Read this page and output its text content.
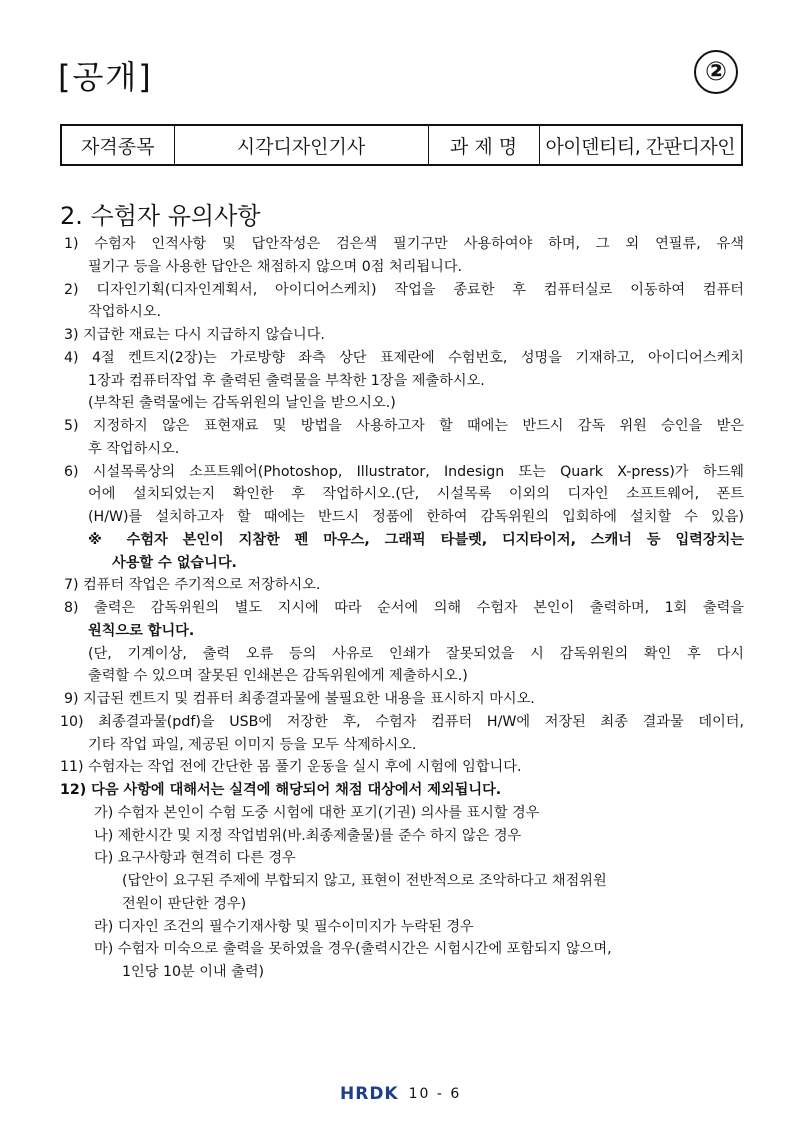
[공개]	②
자격종목	시각디자인기사	과 제 명	아이덴티티, 간판디자인
2. 수험자 유의사항
1) 수험자 인적사항 및 답안작성은 검은색 필기구만 사용하여야 하며, 그 외 연필류, 유색
필기구 등을 사용한 답안은 채점하지 않으며 0점 처리됩니다.
2) 디자인기획(디자인계획서, 아이디어스케치) 작업을 종료한 후 컴퓨터실로 이동하여 컴퓨터
작업하시오.
3) 지급한 재료는 다시 지급하지 않습니다.
4) 4절 켄트지(2장)는 가로방향 좌측 상단 표제란에 수험번호, 성명을 기재하고, 아이디어스케치
1장과 컴퓨터작업 후 출력된 출력물을 부착한 1장을 제출하시오.
(부착된 출력물에는 감독위원의 날인을 받으시오.)
5) 지정하지 않은 표현재료 및 방법을 사용하고자 할 때에는 반드시 감독 위원 승인을 받은
후 작업하시오.
6) 시설목록상의 소프트웨어(Photoshop, Illustrator, Indesign 또는 Quark X-press)가 하드웨
어에 설치되었는지 확인한 후 작업하시오.(단, 시설목록 이외의 디자인 소프트웨어, 폰트
(H/W)를 설치하고자 할 때에는 반드시 정품에 한하여 감독위원의 입회하에 설치할 수 있음)
※ 수험자 본인이 지참한 펜 마우스, 그래픽 타블렛, 디지타이저, 스캐너 등 입력장치는
사용할 수 없습니다.
7) 컴퓨터 작업은 주기적으로 저장하시오.
8) 출력은 감독위원의 별도 지시에 따라 순서에 의해 수험자 본인이 출력하며, 1회 출력을
원칙으로 합니다.
(단, 기계이상, 출력 오류 등의 사유로 인쇄가 잘못되었을 시 감독위원의 확인 후 다시
출력할 수 있으며 잘못된 인쇄본은 감독위원에게 제출하시오.)
9) 지급된 켄트지 및 컴퓨터 최종결과물에 불필요한 내용을 표시하지 마시오.
10) 최종결과물(pdf)을 USB에 저장한 후, 수험자 컴퓨터 H/W에 저장된 최종 결과물 데이터,
기타 작업 파일, 제공된 이미지 등을 모두 삭제하시오.
11) 수험자는 작업 전에 간단한 몸 풀기 운동을 실시 후에 시험에 임합니다.
12) 다음 사항에 대해서는 실격에 해당되어 채점 대상에서 제외됩니다.
가) 수험자 본인이 수험 도중 시험에 대한 포기(기권) 의사를 표시할 경우
나) 제한시간 및 지정 작업범위(바.최종제출물)를 준수 하지 않은 경우
다) 요구사항과 현격히 다른 경우
(답안이 요구된 주제에 부합되지 않고, 표현이 전반적으로 조악하다고 채점위원
전원이 판단한 경우)
라) 디자인 조건의 필수기재사항 및 필수이미지가 누락된 경우
마) 수험자 미숙으로 출력을 못하였을 경우(출력시간은 시험시간에 포함되지 않으며,
1인당 10분 이내 출력)
HRDK 10 - 6
